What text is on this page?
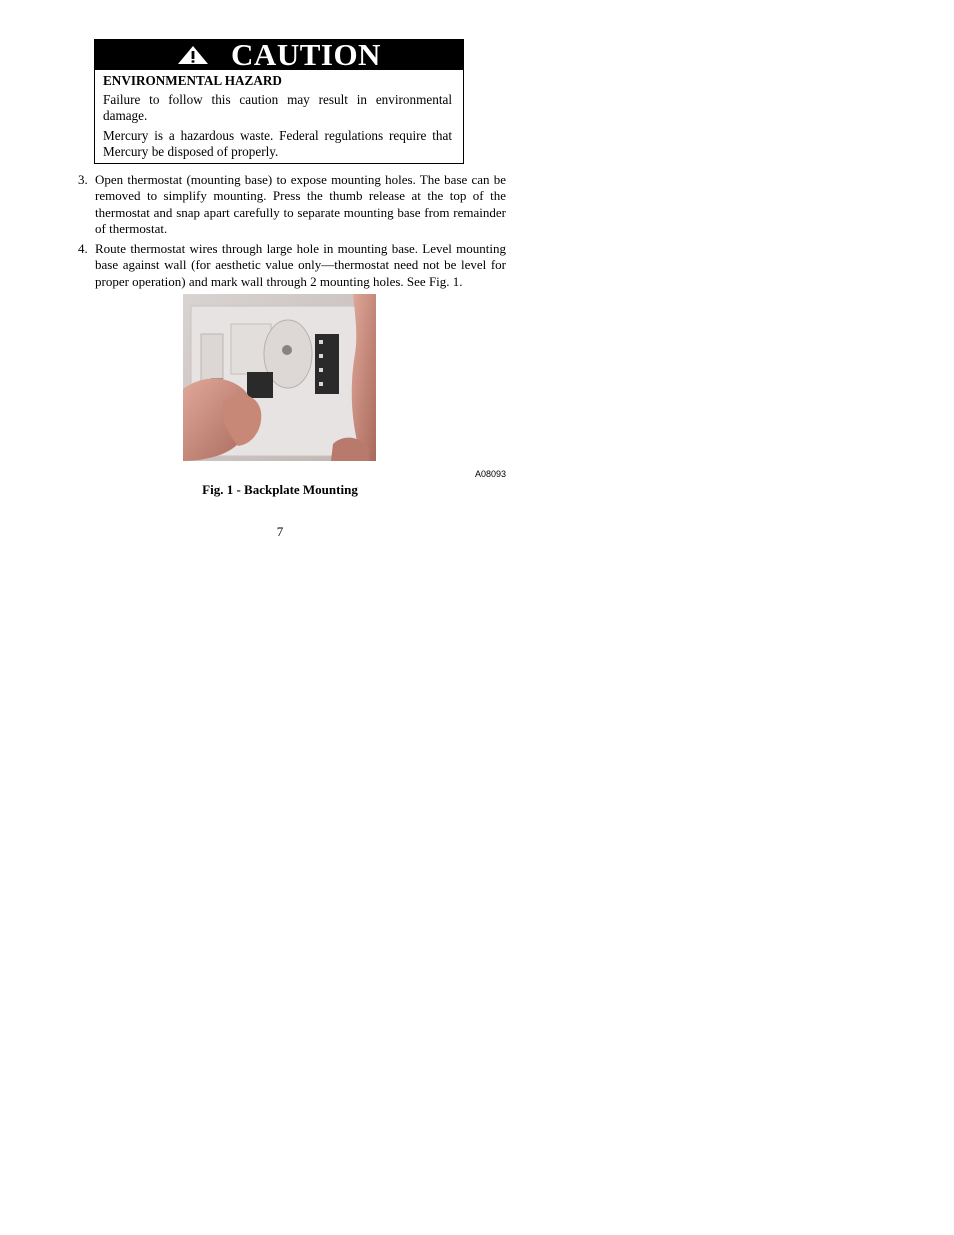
CAUTION
ENVIRONMENTAL HAZARD

Failure to follow this caution may result in environmental damage.

Mercury is a hazardous waste. Federal regulations require that Mercury be disposed of properly.

3. Open thermostat (mounting base) to expose mounting holes. The base can be removed to simplify mounting. Press the thumb release at the top of the thermostat and snap apart carefully to separate mounting base from remainder of thermostat.
4. Route thermostat wires through large hole in mounting base. Level mounting base against wall (for aesthetic value only—thermostat need not be level for proper operation) and mark wall through 2 mounting holes. See Fig. 1.
A08093
Fig. 1 - Backplate Mounting
7
